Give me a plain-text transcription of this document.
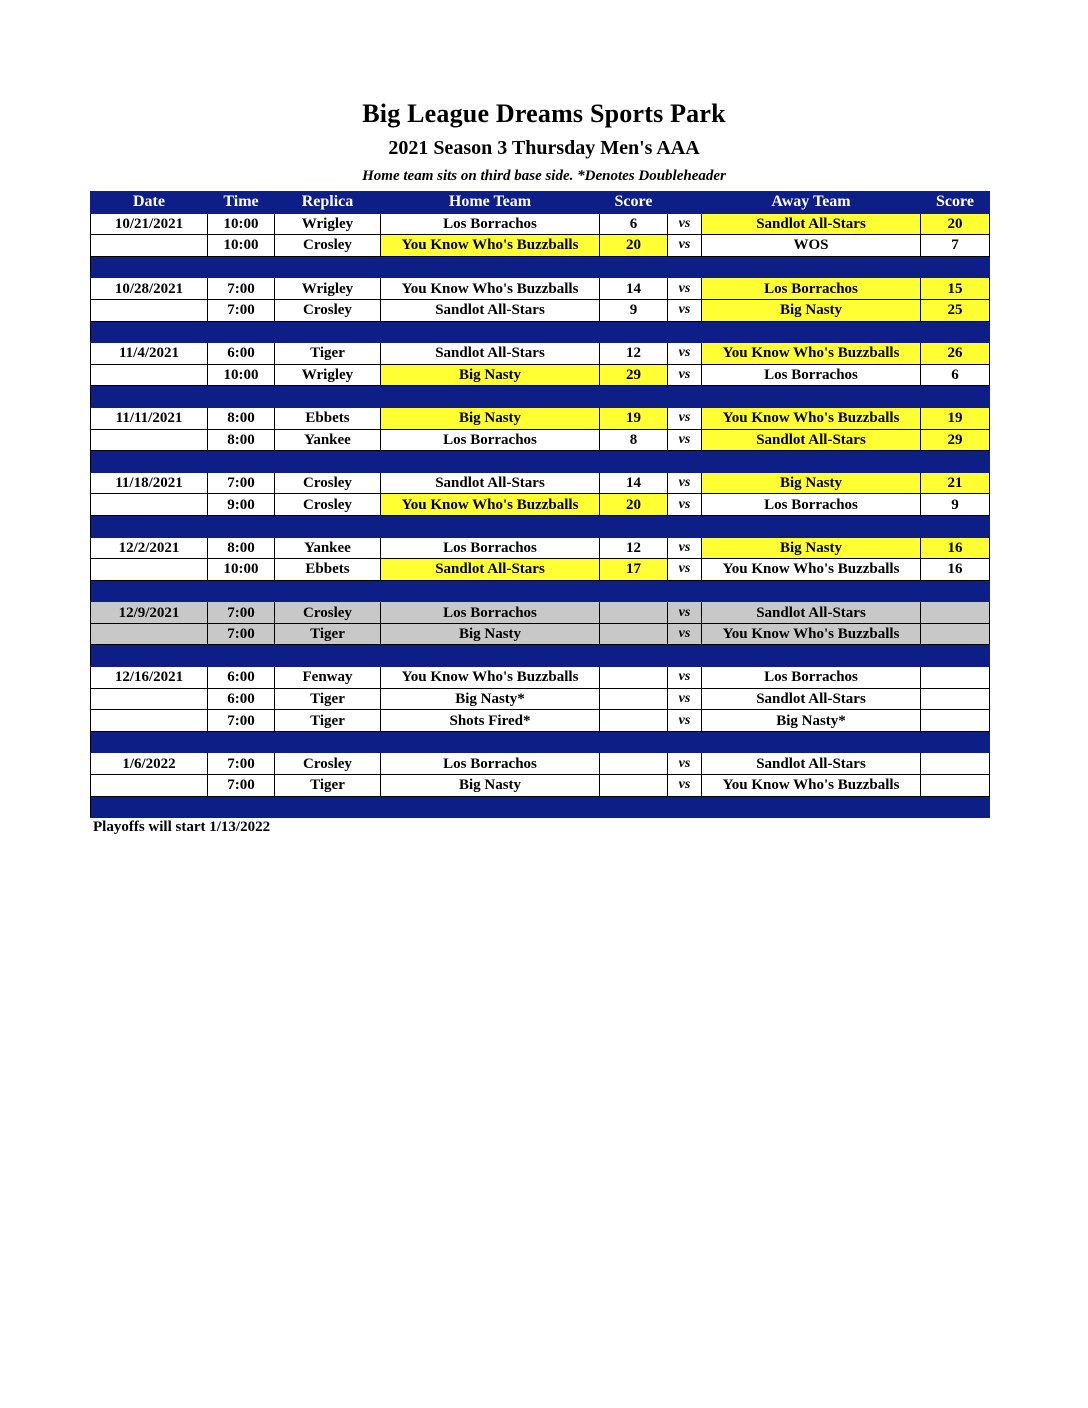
Big League Dreams Sports Park
2021 Season 3 Thursday Men's AAA
Home team sits on third base side. *Denotes Doubleheader
Date	Time	Replica	Home Team	Score		Away Team	Score
10/21/2021	10:00	Wrigley	Los Borrachos	6	vs	Sandlot All-Stars	20
	10:00	Crosley	You Know Who's Buzzballs	20	vs	WOS	7

10/28/2021	7:00	Wrigley	You Know Who's Buzzballs	14	vs	Los Borrachos	15
	7:00	Crosley	Sandlot All-Stars	9	vs	Big Nasty	25

11/4/2021	6:00	Tiger	Sandlot All-Stars	12	vs	You Know Who's Buzzballs	26
	10:00	Wrigley	Big Nasty	29	vs	Los Borrachos	6

11/11/2021	8:00	Ebbets	Big Nasty	19	vs	You Know Who's Buzzballs	19
	8:00	Yankee	Los Borrachos	8	vs	Sandlot All-Stars	29

11/18/2021	7:00	Crosley	Sandlot All-Stars	14	vs	Big Nasty	21
	9:00	Crosley	You Know Who's Buzzballs	20	vs	Los Borrachos	9

12/2/2021	8:00	Yankee	Los Borrachos	12	vs	Big Nasty	16
	10:00	Ebbets	Sandlot All-Stars	17	vs	You Know Who's Buzzballs	16

12/9/2021	7:00	Crosley	Los Borrachos		vs	Sandlot All-Stars	
	7:00	Tiger	Big Nasty		vs	You Know Who's Buzzballs	

12/16/2021	6:00	Fenway	You Know Who's Buzzballs		vs	Los Borrachos	
	6:00	Tiger	Big Nasty*		vs	Sandlot All-Stars	
	7:00	Tiger	Shots Fired*		vs	Big Nasty*	

1/6/2022	7:00	Crosley	Los Borrachos		vs	Sandlot All-Stars	
	7:00	Tiger	Big Nasty		vs	You Know Who's Buzzballs	

Playoffs will start 1/13/2022
